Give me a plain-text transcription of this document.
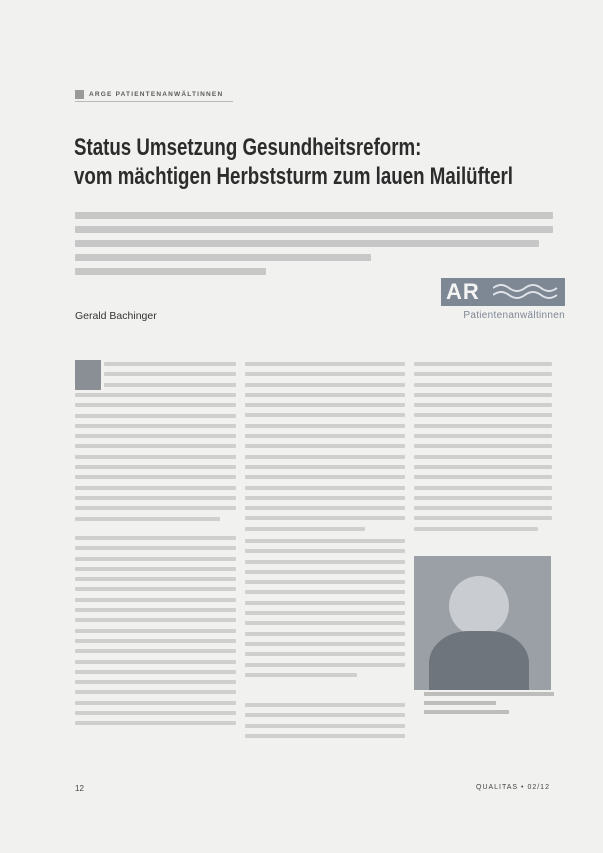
ARGE PATIENTENANWÄLTINNEN
Status Umsetzung Gesundheitsreform:
vom mächtigen Herbststurm zum lauen Mailüfterl
Gerald Bachinger
AR
Patientenanwältinnen
12	QUALITAS • 02/12
